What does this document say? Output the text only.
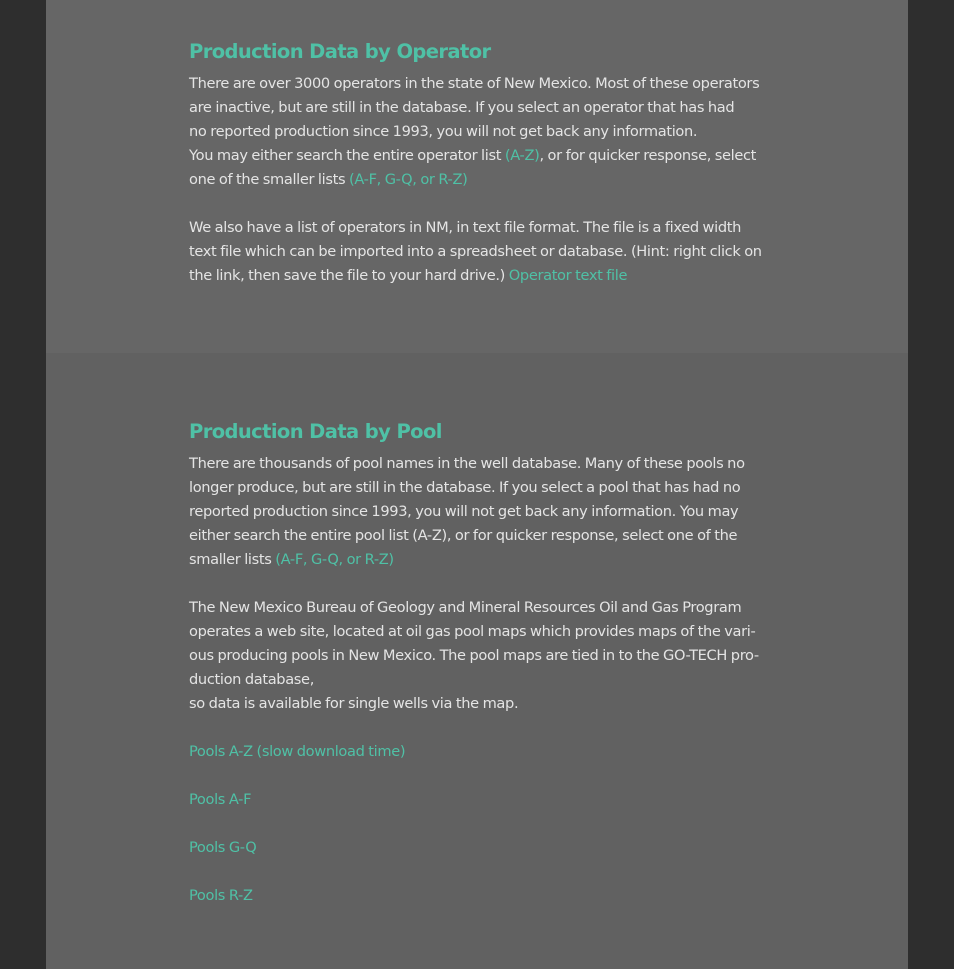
Production Data by Operator

There are over 3000 operators in the state of New Mexico. Most of these operators
are inactive, but are still in the database. If you select an operator that has had
no reported production since 1993, you will not get back any information.
You may either search the entire operator list (A-Z), or for quicker response, select
one of the smaller lists (A-F, G-Q, or R-Z)

We also have a list of operators in NM, in text file format. The file is a fixed width
text file which can be imported into a spreadsheet or database. (Hint: right click on
the link, then save the file to your hard drive.) Operator text file

Production Data by Pool

There are thousands of pool names in the well database. Many of these pools no
longer produce, but are still in the database. If you select a pool that has had no
reported production since 1993, you will not get back any information. You may
either search the entire pool list (A-Z), or for quicker response, select one of the
smaller lists (A-F, G-Q, or R-Z)

The New Mexico Bureau of Geology and Mineral Resources Oil and Gas Program
operates a web site, located at oil gas pool maps which provides maps of the vari-
ous producing pools in New Mexico. The pool maps are tied in to the GO-TECH pro-
duction database,
so data is available for single wells via the map.

Pools A-Z (slow download time)
Pools A-F
Pools G-Q
Pools R-Z
